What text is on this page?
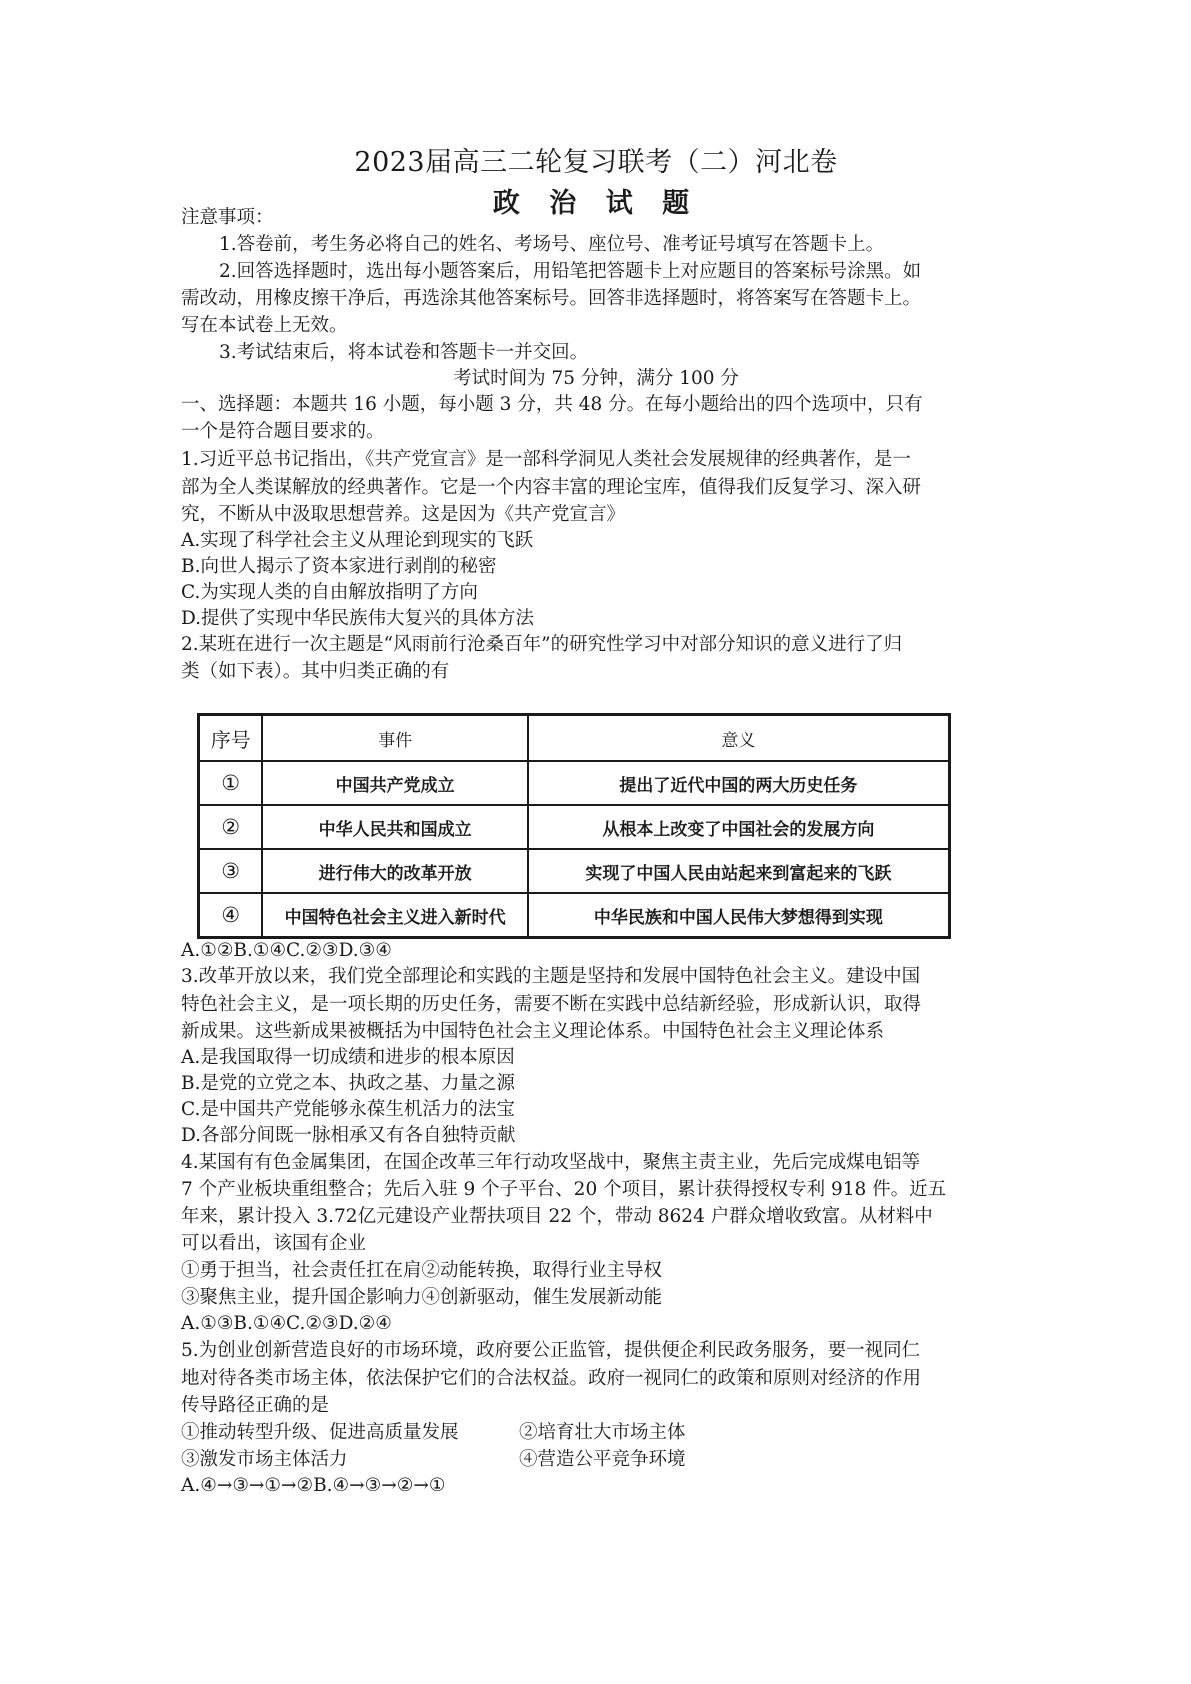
2023届高三二轮复习联考（二）河北卷
政 治 试 题
注意事项：
1.答卷前，考生务必将自己的姓名、考场号、座位号、准考证号填写在答题卡上。
2.回答选择题时，选出每小题答案后，用铅笔把答题卡上对应题目的答案标号涂黑。如
需改动，用橡皮擦干净后，再选涂其他答案标号。回答非选择题时，将答案写在答题卡上。
写在本试卷上无效。
3.考试结束后，将本试卷和答题卡一并交回。
考试时间为 75 分钟，满分 100 分
一、选择题：本题共 16 小题，每小题 3 分，共 48 分。在每小题给出的四个选项中，只有
一个是符合题目要求的。
1.习近平总书记指出，《共产党宣言》是一部科学洞见人类社会发展规律的经典著作，是一
部为全人类谋解放的经典著作。它是一个内容丰富的理论宝库，值得我们反复学习、深入研
究，不断从中汲取思想营养。这是因为《共产党宣言》
A.实现了科学社会主义从理论到现实的飞跃
B.向世人揭示了资本家进行剥削的秘密
C.为实现人类的自由解放指明了方向
D.提供了实现中华民族伟大复兴的具体方法
2.某班在进行一次主题是“风雨前行沧桑百年”的研究性学习中对部分知识的意义进行了归
类（如下表）。其中归类正确的有
序号	事件	意义
①	中国共产党成立	提出了近代中国的两大历史任务
②	中华人民共和国成立	从根本上改变了中国社会的发展方向
③	进行伟大的改革开放	实现了中国人民由站起来到富起来的飞跃
④	中国特色社会主义进入新时代	中华民族和中国人民伟大梦想得到实现
A.①②B.①④C.②③D.③④
3.改革开放以来，我们党全部理论和实践的主题是坚持和发展中国特色社会主义。建设中国
特色社会主义，是一项长期的历史任务，需要不断在实践中总结新经验，形成新认识，取得
新成果。这些新成果被概括为中国特色社会主义理论体系。中国特色社会主义理论体系
A.是我国取得一切成绩和进步的根本原因
B.是党的立党之本、执政之基、力量之源
C.是中国共产党能够永葆生机活力的法宝
D.各部分间既一脉相承又有各自独特贡献
4.某国有有色金属集团，在国企改革三年行动攻坚战中，聚焦主责主业，先后完成煤电铝等
7 个产业板块重组整合；先后入驻 9 个子平台、20 个项目，累计获得授权专利 918 件。近五
年来，累计投入 3.72亿元建设产业帮扶项目 22 个，带动 8624 户群众增收致富。从材料中
可以看出，该国有企业
①勇于担当，社会责任扛在肩②动能转换，取得行业主导权
③聚焦主业，提升国企影响力④创新驱动，催生发展新动能
A.①③B.①④C.②③D.②④
5.为创业创新营造良好的市场环境，政府要公正监管，提供便企利民政务服务，要一视同仁
地对待各类市场主体，依法保护它们的合法权益。政府一视同仁的政策和原则对经济的作用
传导路径正确的是
①推动转型升级、促进高质量发展	②培育壮大市场主体
③激发市场主体活力	④营造公平竞争环境
A.④→③→①→②B.④→③→②→①
